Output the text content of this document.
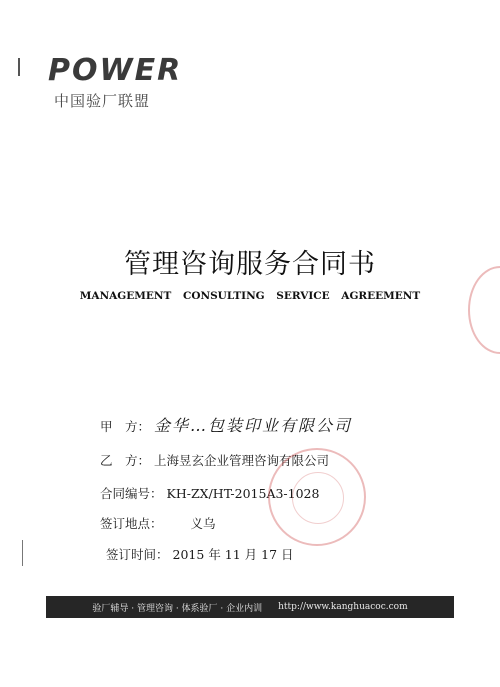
POWER
中国验厂联盟
管理咨询服务合同书
MANAGEMENT CONSULTING SERVICE AGREEMENT
甲　方： 金华…包装印业有限公司
乙　方： 上海昱玄企业管理咨询有限公司
合同编号： KH-ZX/HT-2015A3-1028
签订地点： 义乌
签订时间： 2015 年 11 月 17 日
验厂辅导 · 管理咨询 · 体系验厂 · 企业内训 http://www.kanghuacoc.com
